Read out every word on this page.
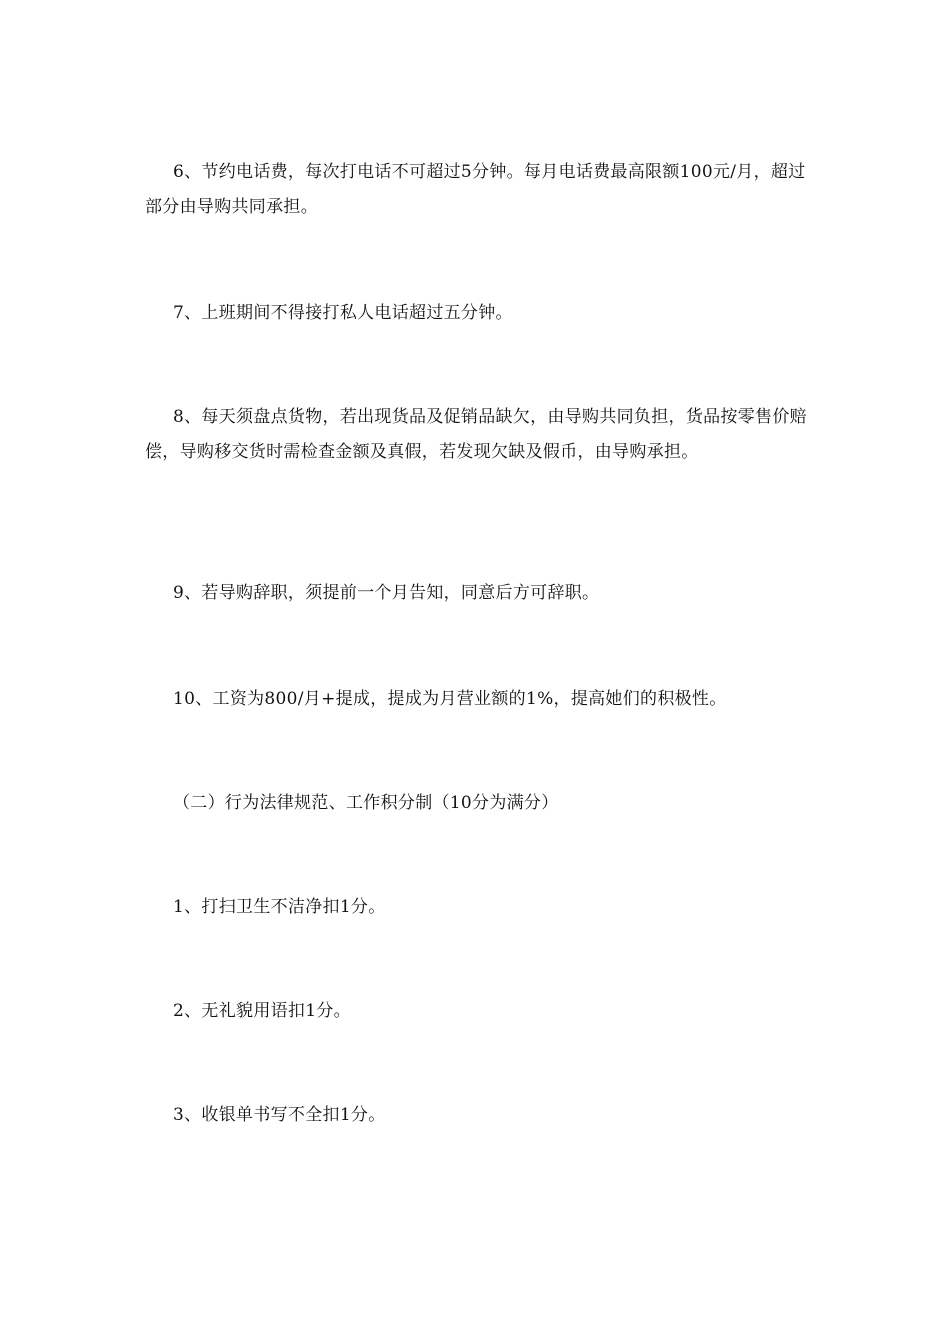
6、节约电话费，每次打电话不可超过5分钟。每月电话费最高限额100元/月，超过部分由导购共同承担。

7、上班期间不得接打私人电话超过五分钟。

8、每天须盘点货物，若出现货品及促销品缺欠，由导购共同负担，货品按零售价赔偿，导购移交货时需检查金额及真假，若发现欠缺及假币，由导购承担。

9、若导购辞职，须提前一个月告知，同意后方可辞职。

10、工资为800/月+提成，提成为月营业额的1%，提高她们的积极性。

（二）行为法律规范、工作积分制（10分为满分）

1、打扫卫生不洁净扣1分。

2、无礼貌用语扣1分。

3、收银单书写不全扣1分。
